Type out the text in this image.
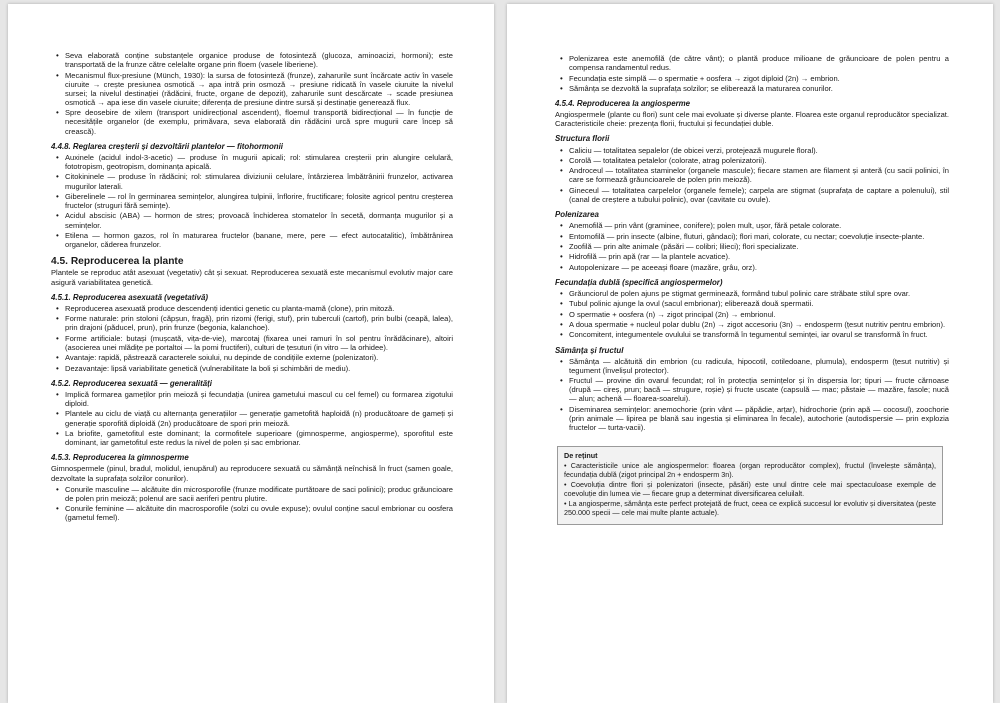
• Seva elaborată conține substanțele organice produse de fotosinteză (glucoza, aminoacizi, hormoni); este transportată de la frunze către celelalte organe prin floem (vasele liberiene).
• Mecanismul flux-presiune (Münch, 1930): la sursa de fotosinteză (frunze), zaharurile sunt încărcate activ în vasele ciuruite → crește presiunea osmotică → apa intră prin osmoză → presiune ridicată în vasele ciuruite la nivelul sursei; la nivelul destinației (rădăcini, fructe, organe de depozit), zaharurile sunt descărcate → scade presiunea osmotică → apa iese din vasele ciuruite; diferența de presiune dintre sursă și destinație generează flux.
• Spre deosebire de xilem (transport unidirecțional ascendent), floemul transportă bidirecțional — în funcție de necesitățile organelor (de exemplu, primăvara, seva elaborată din rădăcini urcă spre mugurii care încep să crească).
4.4.8. Reglarea creșterii și dezvoltării plantelor — fitohormonii
• Auxinele (acidul indol-3-acetic) — produse în mugurii apicali; rol: stimularea creșterii prin alungire celulară, fototropism, geotropism, dominanța apicală.
• Citokininele — produse în rădăcini; rol: stimularea diviziunii celulare, întârzierea îmbătrânirii frunzelor, activarea mugurilor laterali.
• Giberelinele — rol în germinarea semințelor, alungirea tulpinii, înflorire, fructificare; folosite agricol pentru creșterea fructelor (struguri fără semințe).
• Acidul abscisic (ABA) — hormon de stres; provoacă închiderea stomatelor în secetă, dormanța mugurilor și a semințelor.
• Etilena — hormon gazos, rol în maturarea fructelor (banane, mere, pere — efect autocatalitic), îmbătrânirea organelor, căderea frunzelor.
4.5. Reproducerea la plante

Plantele se reproduc atât asexuat (vegetativ) cât și sexuat. Reproducerea sexuată este mecanismul evolutiv major care asigură variabilitatea genetică.

4.5.1. Reproducerea asexuată (vegetativă)
• Reproducerea asexuată produce descendenți identici genetic cu planta-mamă (clone), prin mitoză.
• Forme naturale: prin stoloni (căpșun, fragă), prin rizomi (ferigi, stuf), prin tuberculi (cartof), prin bulbi (ceapă, lalea), prin drajoni (păducel, prun), prin frunze (begonia, kalanchoe).
• Forme artificiale: butași (mușcată, vița-de-vie), marcotaj (fixarea unei ramuri în sol pentru înrădăcinare), altoiri (asocierea unei mlădițe pe portaltoi — la pomi fructiferi), culturi de țesuturi (in vitro — la orhidee).
• Avantaje: rapidă, păstrează caracterele soiului, nu depinde de condițiile externe (polenizatori).
• Dezavantaje: lipsă variabilitate genetică (vulnerabilitate la boli și schimbări de mediu).
4.5.2. Reproducerea sexuată — generalități
• Implică formarea gameților prin meioză și fecundația (unirea gametului mascul cu cel femel) cu formarea zigotului diploid.
• Plantele au ciclu de viață cu alternanța generațiilor — generație gametofită haploidă (n) producătoare de gameți și generație sporofită diploidă (2n) producătoare de spori prin meioză.
• La briofite, gametofitul este dominant; la cormofitele superioare (gimnosperme, angiosperme), sporofitul este dominant, iar gametofitul este redus la nivel de polen și sac embrionar.
4.5.3. Reproducerea la gimnosperme

Gimnospermele (pinul, bradul, molidul, ienupărul) au reproducere sexuată cu sămânță neînchisă în fruct (samen goale, dezvoltate la suprafața solzilor conurilor).

• Conurile masculine — alcătuite din microsporofile (frunze modificate purtătoare de saci polinici); produc grăuncioare de polen prin meioză; polenul are sacii aeriferi pentru plutire.
• Conurile feminine — alcătuite din macrosporofile (solzi cu ovule expuse); ovulul conține sacul embrionar cu oosfera (gametul femel).
• Polenizarea este anemofilă (de către vânt); o plantă produce milioane de grăuncioare de polen pentru a compensa randamentul redus.
• Fecundația este simplă — o spermatie + oosfera → zigot diploid (2n) → embrion.
• Sămânța se dezvoltă la suprafața solzilor; se eliberează la maturarea conurilor.
4.5.4. Reproducerea la angiosperme

Angiospermele (plante cu flori) sunt cele mai evoluate și diverse plante. Floarea este organul reproducător specializat. Caracteristicile cheie: prezența florii, fructului și fecundației duble.

Structura florii
• Caliciu — totalitatea sepalelor (de obicei verzi, protejează mugurele floral).
• Corolă — totalitatea petalelor (colorate, atrag polenizatorii).
• Androceul — totalitatea staminelor (organele mascule); fiecare stamen are filament și anteră (cu sacii polinici, în care se formează grăuncioarele de polen prin meioză).
• Gineceul — totalitatea carpelelor (organele femele); carpela are stigmat (suprafața de captare a polenului), stil (canal de creștere a tubului polinic), ovar (cavitate cu ovule).
Polenizarea
• Anemofilă — prin vânt (graminee, conifere); polen mult, ușor, fără petale colorate.
• Entomofilă — prin insecte (albine, fluturi, gândaci); flori mari, colorate, cu nectar; coevoluție insecte-plante.
• Zoofilă — prin alte animale (păsări — colibri; lilieci); flori specializate.
• Hidrofilă — prin apă (rar — la plantele acvatice).
• Autopolenizare — pe aceeași floare (mazăre, grâu, orz).
Fecundația dublă (specifică angiospermelor)
• Grăunciorul de polen ajuns pe stigmat germinează, formând tubul polinic care străbate stilul spre ovar.
• Tubul polinic ajunge la ovul (sacul embrionar); eliberează două spermatii.
• O spermatie + oosfera (n) → zigot principal (2n) → embrionul.
• A doua spermatie + nucleul polar dublu (2n) → zigot accesoriu (3n) → endosperm (țesut nutritiv pentru embrion).
• Concomitent, integumentele ovulului se transformă în tegumentul seminței, iar ovarul se transformă în fruct.
Sămânța și fructul
• Sămânța — alcătuită din embrion (cu radicula, hipocotil, cotiledoane, plumula), endosperm (țesut nutritiv) și tegument (învelișul protector).
• Fructul — provine din ovarul fecundat; rol în protecția semințelor și în dispersia lor; tipuri — fructe cărnoase (drupă — cireș, prun; bacă — strugure, roșie) și fructe uscate (capsulă — mac; păstaie — mazăre, fasole; nucă — alun; achenă — floarea-soarelui).
• Diseminarea semințelor: anemochorie (prin vânt — păpădie, arțar), hidrochorie (prin apă — cocosul), zoochorie (prin animale — lipirea pe blană sau ingestia și eliminarea în fecale), autochorie (autodispersie — prin explozia fructelor — turta-vacii).
De reținut
• Caracteristicile unice ale angiospermelor: floarea (organ reproducător complex), fructul (învelește sămânța), fecundația dublă (zigot principal 2n + endosperm 3n).
• Coevoluția dintre flori și polenizatori (insecte, păsări) este unul dintre cele mai spectaculoase exemple de coevoluție din lumea vie — fiecare grup a determinat diversificarea celuilalt.
• La angiosperme, sămânța este perfect protejată de fruct, ceea ce explică succesul lor evolutiv și diversitatea (peste 250.000 specii — cele mai multe plante actuale).
